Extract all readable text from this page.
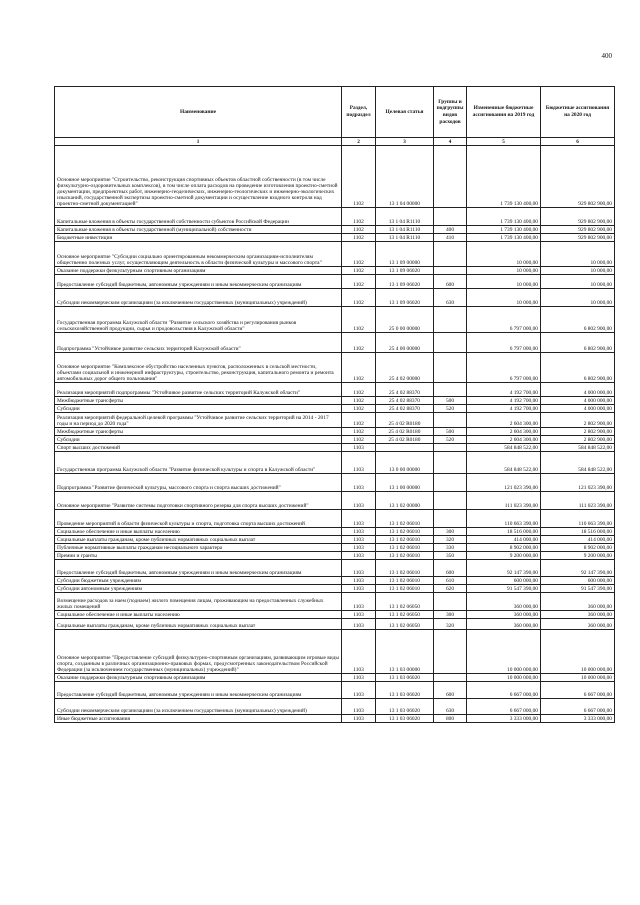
400
Наименование	Раздел, подраздел	Целевая статья	Группы и подгруппы видов расходов	Измененные бюджетные ассигнования на 2019 год	Бюджетные ассигнования на 2020 год
1	2	3	4	5	6
Основное мероприятие "Строительство, реконструкция спортивных объектов областной собственности (в том числе физкультурно-оздоровительных комплексов), в том числе оплата расходов на проведение изготовления проектно-сметной документации, предпроектных работ, инженерно-геодезических, инженерно-геологических и инженерно-экологических изысканий, государственной экспертизы проектно-сметной документации и осуществление входного контроля над проектно-сметной документацией"	1102	13 1 04 00000		1 739 130 400,00	929 802 900,00
Капитальные вложения в объекты государственной собственности субъектов Российской Федерации	1102	13 1 04 R1110		1 739 130 400,00	929 802 900,00
Капитальные вложения в объекты государственной (муниципальной) собственности	1102	13 1 04 R1110	400	1 739 130 400,00	929 802 900,00
Бюджетные инвестиции	1102	13 1 04 R1110	410	1 739 130 400,00	929 802 900,00
Основное мероприятие "Субсидии социально ориентированным некоммерческим организациям-исполнителям общественно полезных услуг, осуществляющим деятельность в области физической культуры и массового спорта"	1102	13 1 09 00000		10 000,00	10 000,00
Оказание поддержки физкультурным спортивным организациям	1102	13 1 09 06020		10 000,00	10 000,00
Предоставление субсидий бюджетным, автономным учреждениям и иным некоммерческим организациям	1102	13 1 09 06020	600	10 000,00	10 000,00
Субсидии некоммерческим организациям (за исключением государственных (муниципальных) учреждений)	1102	13 1 09 06020	630	10 000,00	10 000,00
Государственная программа Калужской области "Развитие сельского хозяйства и регулирования рынков сельскохозяйственной продукции, сырья и продовольствия в Калужской области"	1102	25 0 00 00000		6 797 000,00	6 802 900,00
Подпрограмма "Устойчивое развитие сельских территорий Калужской области"	1102	25 4 00 00000		6 797 000,00	6 802 900,00
Основное мероприятие "Комплексное обустройство населенных пунктов, расположенных в сельской местности, объектами социальной и инженерной инфраструктуры, строительство, реконструкция, капитального ремонта и ремонта автомобильных дорог общего пользования"	1102	25 4 02 00000		6 797 000,00	6 802 900,00
Реализация мероприятий подпрограммы "Устойчивое развитие сельских территорий Калужской области"	1102	25 4 02 88370		4 192 700,00	4 000 000,00
Межбюджетные трансферты	1102	25 4 02 88370	500	4 192 700,00	4 000 000,00
Субсидии	1102	25 4 02 88370	520	4 192 700,00	4 000 000,00
Реализация мероприятий федеральной целевой программы "Устойчивое развитие сельских территорий на 2014 - 2017 годы и на период до 2020 года"	1102	25 4 02 R0180		2 604 300,00	2 802 900,00
Межбюджетные трансферты	1102	25 4 02 R0180	500	2 604 300,00	2 802 900,00
Субсидии	1102	25 4 02 R0180	520	2 604 300,00	2 802 900,00
Спорт высших достижений	1103			584 848 522,00	584 848 522,00
Государственная программа Калужской области "Развитие физической культуры и спорта в Калужской области"	1103	13 0 00 00000		584 848 522,00	584 848 522,00
Подпрограмма "Развитие физической культуры, массового спорта и спорта высших достижений"	1103	13 1 00 00000		121 023 390,00	121 023 390,00
Основное мероприятие "Развитие системы подготовки спортивного резерва для спорта высших достижений"	1103	13 1 02 00000		111 023 390,00	111 023 390,00
Проведение мероприятий в области физической культуры и спорта, подготовка спорта высших достижений	1103	13 1 02 06010		110 663 390,00	110 663 390,00
Социальное обеспечение и иные выплаты населению	1103	13 1 02 06010	300	18 516 000,00	18 516 000,00
Социальные выплаты гражданам, кроме публичных нормативных социальных выплат	1103	13 1 02 06010	320	414 000,00	414 000,00
Публичные нормативные выплаты гражданам несоциального характера	1103	13 1 02 06010	330	8 902 000,00	8 902 000,00
Премии и гранты	1103	13 1 02 06010	350	9 200 000,00	9 200 000,00
Предоставление субсидий бюджетным, автономным учреждениям и иным некоммерческим организациям	1103	13 1 02 06010	600	92 147 390,00	92 147 390,00
Субсидии бюджетным учреждениям	1103	13 1 02 06010	610	600 000,00	600 000,00
Субсидии автономным учреждениям	1103	13 1 02 06010	620	91 547 390,00	91 547 390,00
Возмещение расходов за наем (поднаем) жилого помещения лицам, проживающим на предоставленных служебных жилых помещений	1103	13 1 02 06050		360 000,00	360 000,00
Социальное обеспечение и иные выплаты населению	1103	13 1 02 06050	300	360 000,00	360 000,00
Социальные выплаты гражданам, кроме публичных нормативных социальных выплат	1103	13 1 02 06050	320	360 000,00	360 000,00
Основное мероприятие "Предоставление субсидий физкультурно-спортивным организациям, развивающим игровые виды спорта, созданным в различных организационно-правовых формах, предусмотренных законодательством Российской Федерации (за исключением государственных (муниципальных) учреждений)"	1103	13 1 03 00000		10 000 000,00	10 000 000,00
Оказание поддержки физкультурным спортивным организациям	1103	13 1 03 06020		10 000 000,00	10 000 000,00
Предоставление субсидий бюджетным, автономным учреждениям и иным некоммерческим организациям	1103	13 1 03 06020	600	6 667 000,00	6 667 000,00
Субсидии некоммерческим организациям (за исключением государственных (муниципальных) учреждений)	1103	13 1 03 06020	630	6 667 000,00	6 667 000,00
Иные бюджетные ассигнования	1103	13 1 03 06020	800	3 333 000,00	3 333 000,00
